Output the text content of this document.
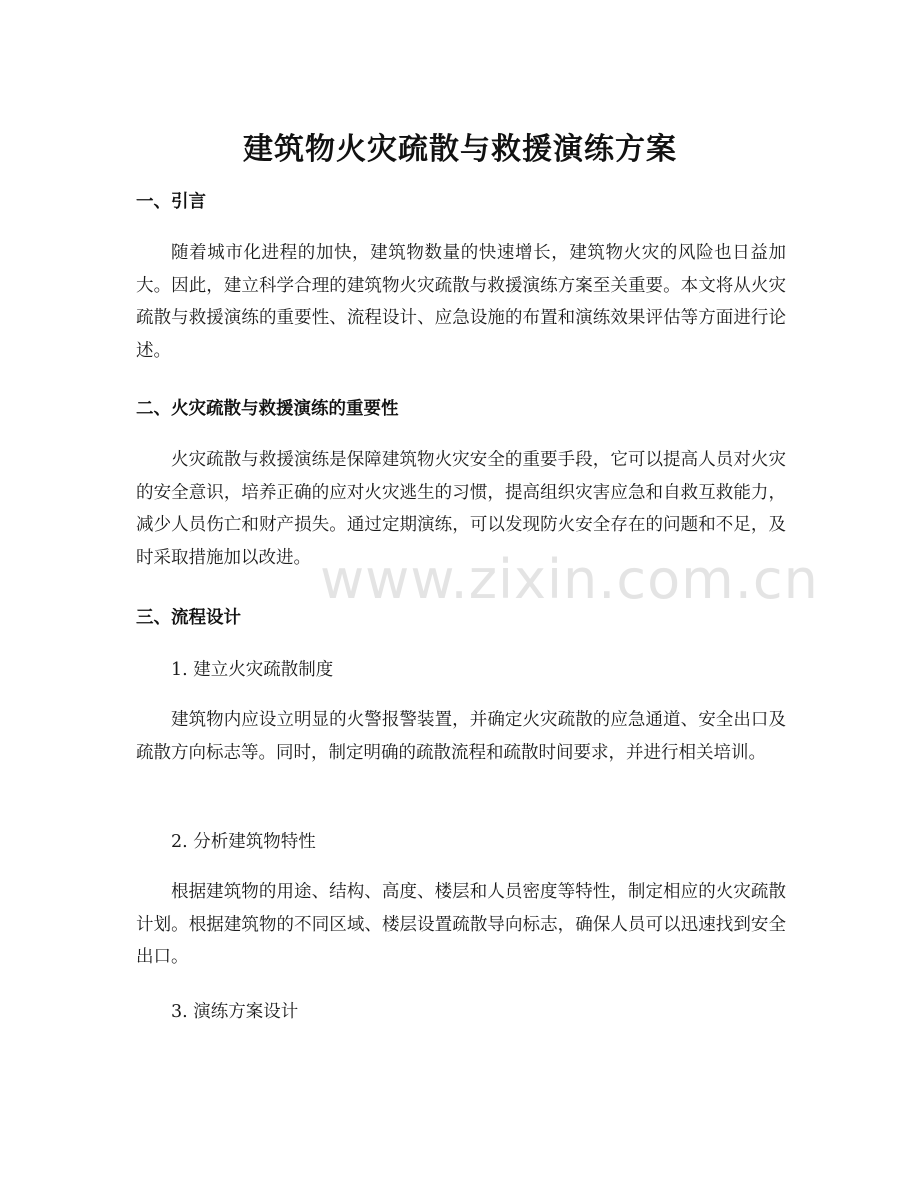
建筑物火灾疏散与救援演练方案
一、引言

随着城市化进程的加快，建筑物数量的快速增长，建筑物火灾的风险也日益加大。因此，建立科学合理的建筑物火灾疏散与救援演练方案至关重要。本文将从火灾疏散与救援演练的重要性、流程设计、应急设施的布置和演练效果评估等方面进行论述。

二、火灾疏散与救援演练的重要性

火灾疏散与救援演练是保障建筑物火灾安全的重要手段，它可以提高人员对火灾的安全意识，培养正确的应对火灾逃生的习惯，提高组织灾害应急和自救互救能力，减少人员伤亡和财产损失。通过定期演练，可以发现防火安全存在的问题和不足，及时采取措施加以改进。

三、流程设计

1. 建立火灾疏散制度

建筑物内应设立明显的火警报警装置，并确定火灾疏散的应急通道、安全出口及疏散方向标志等。同时，制定明确的疏散流程和疏散时间要求，并进行相关培训。

2. 分析建筑物特性

根据建筑物的用途、结构、高度、楼层和人员密度等特性，制定相应的火灾疏散计划。根据建筑物的不同区域、楼层设置疏散导向标志，确保人员可以迅速找到安全出口。

3. 演练方案设计

www.zixin.com.cn
